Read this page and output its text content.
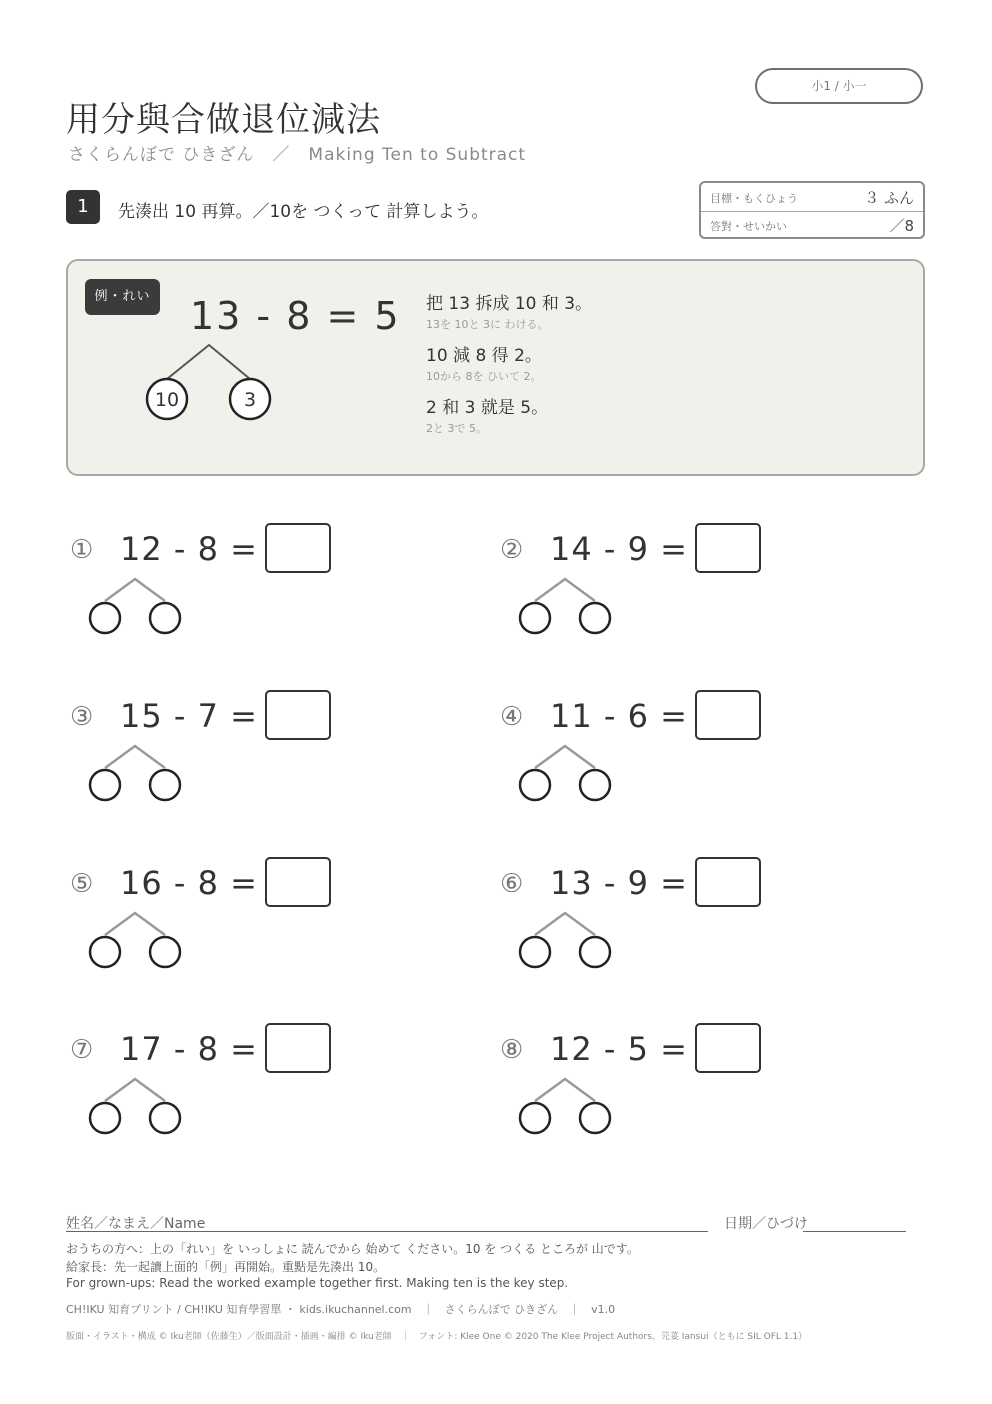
用分與合做退位減法
さくらんぼで ひきざん　／　Making Ten to Subtract
小1 / 小一
1	先湊出 10 再算。／10を つくって 計算しよう。
目標・もくひょう	３ ふん
答對・せいかい	／8
例・れい 13 - 8 = 5
10	3
把 13 拆成 10 和 3。
13を 10と 3に わける。
10 減 8 得 2。
10から 8を ひいて 2。
2 和 3 就是 5。
2と 3で 5。
① 12 - 8 =	② 14 - 9 =
③ 15 - 7 =	④ 11 - 6 =
⑤ 16 - 8 =	⑥ 13 - 9 =
⑦ 17 - 8 =	⑧ 12 - 5 =
姓名／なまえ／Name	日期／ひづけ
おうちの方へ：上の「れい」を いっしょに 読んでから 始めて ください。10 を つくる ところが 山です。
給家長：先一起讀上面的「例」再開始。重點是先湊出 10。
For grown-ups: Read the worked example together first. Making ten is the key step.
CH!IKU 知育プリント / CH!IKU 知育學習單 ・ kids.ikuchannel.com　｜　さくらんぼで ひきざん　｜　v1.0
版面・イラスト・構成 © Iku老師（佐藤生）／版面設計・插画・編排 © Iku老師　｜　フォント: Klee One © 2020 The Klee Project Authors、芫荽 Iansui（ともに SIL OFL 1.1）
